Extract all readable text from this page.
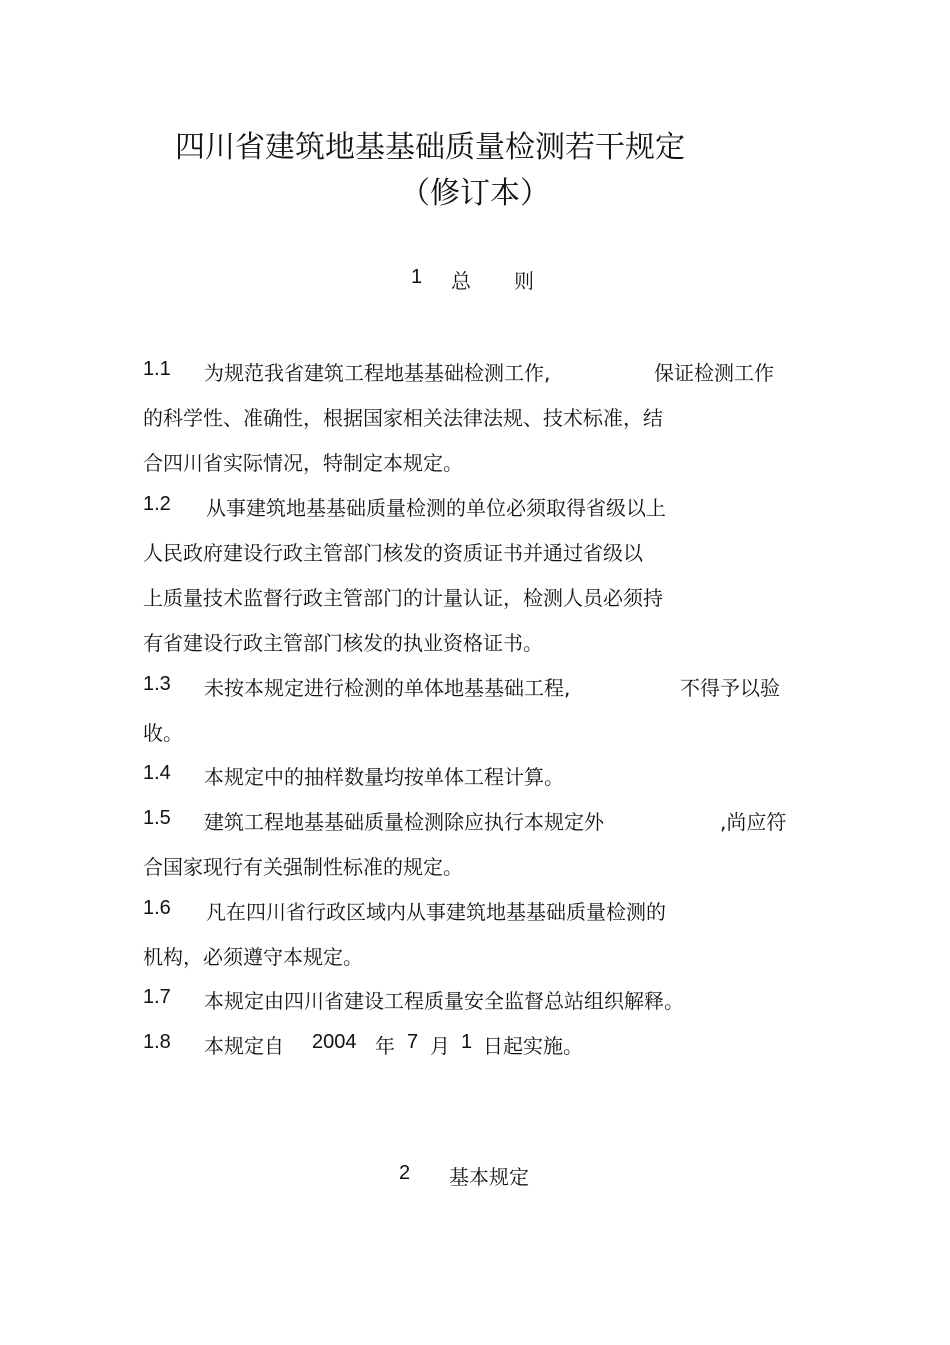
四川省建筑地基基础质量检测若干规定
（修订本）
1 总 则
1.1 为规范我省建筑工程地基基础检测工作,	保证检测工作
的科学性、准确性，根据国家相关法律法规、技术标准，结
合四川省实际情况，特制定本规定。
1.2 从事建筑地基基础质量检测的单位必须取得省级以上
人民政府建设行政主管部门核发的资质证书并通过省级以
上质量技术监督行政主管部门的计量认证，检测人员必须持
有省建设行政主管部门核发的执业资格证书。
1.3 未按本规定进行检测的单体地基基础工程,	不得予以验
收。
1.4 本规定中的抽样数量均按单体工程计算。
1.5 建筑工程地基基础质量检测除应执行本规定外	,尚应符
合国家现行有关强制性标准的规定。
1.6 凡在四川省行政区域内从事建筑地基基础质量检测的
机构，必须遵守本规定。
1.7 本规定由四川省建设工程质量安全监督总站组织解释。
1.8 本规定自 2004 年 7 月 1 日起实施。
2 基本规定
